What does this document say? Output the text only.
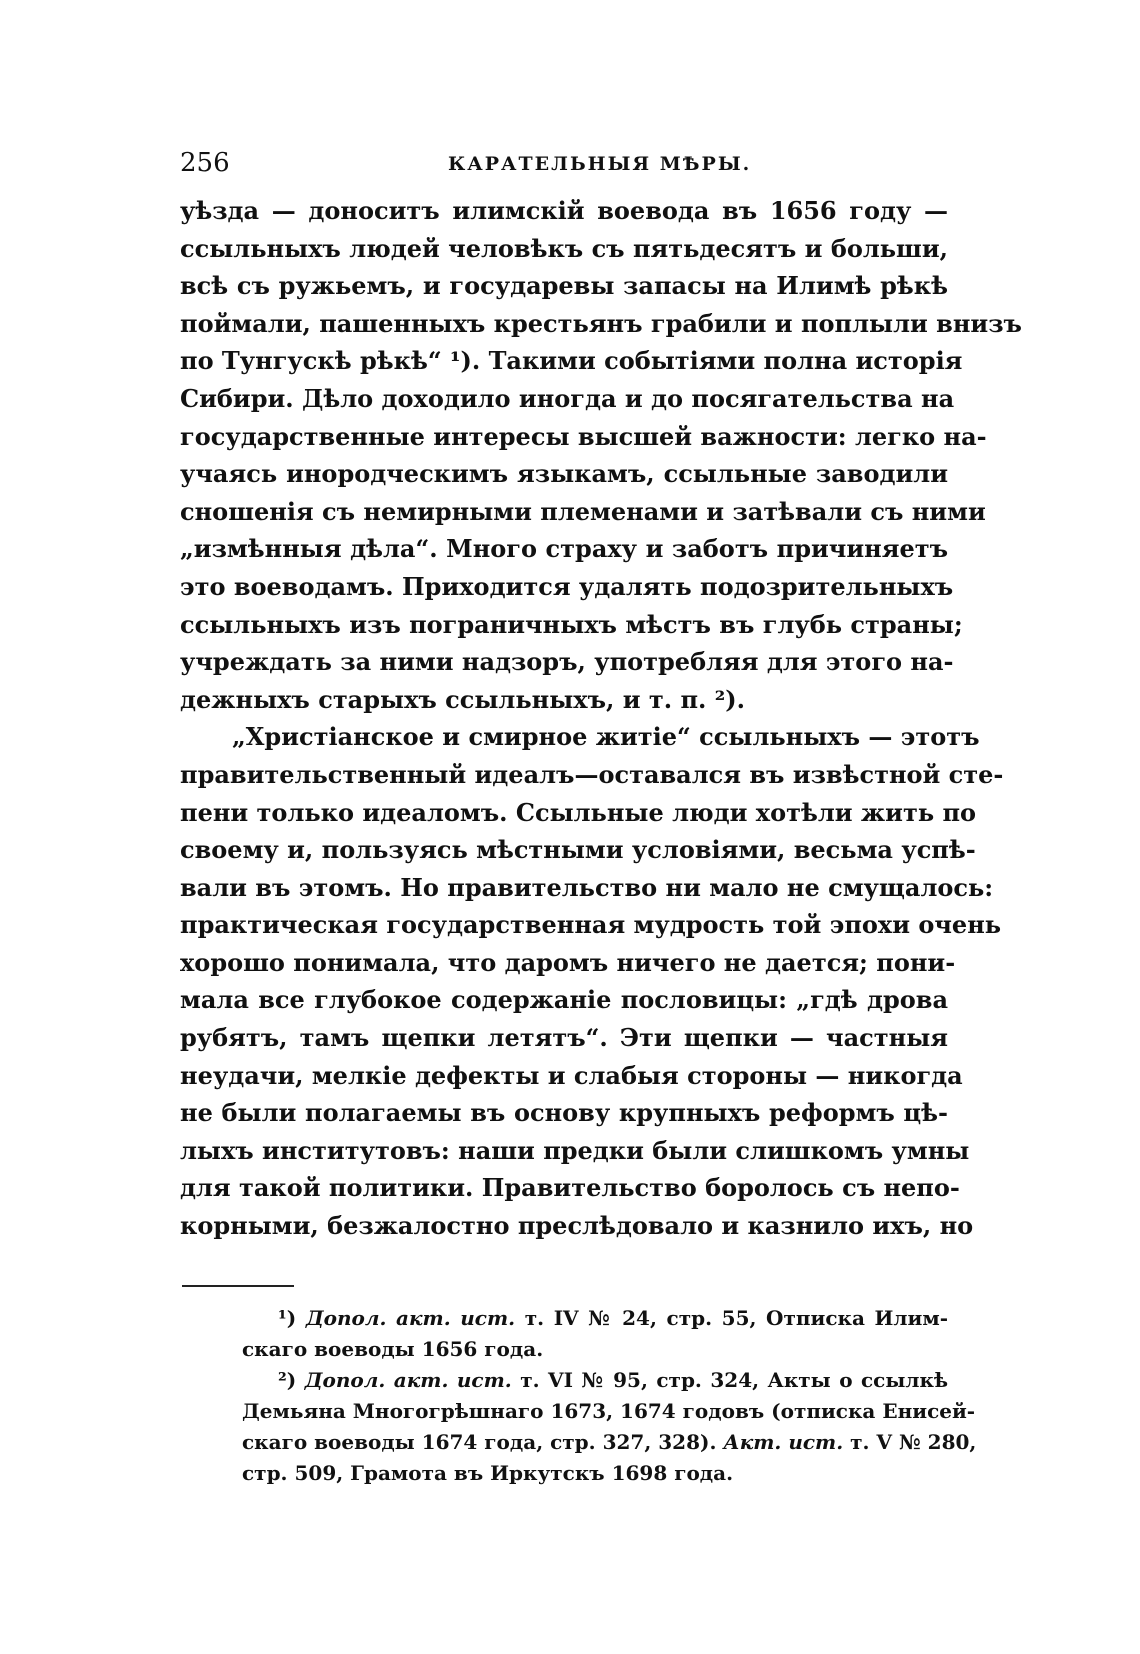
256	КАРАТЕЛЬНЫЯ МѢРЫ.
уѣзда — доноситъ илимскій воевода въ 1656 году —
ссыльныхъ людей человѣкъ съ пятьдесятъ и больши,
всѣ съ ружьемъ, и государевы запасы на Илимѣ рѣкѣ
поймали, пашенныхъ крестьянъ грабили и поплыли внизъ
по Тунгускѣ рѣкѣ“ ¹). Такими событіями полна исторія
Сибири. Дѣло доходило иногда и до посягательства на
государственные интересы высшей важности: легко на-
учаясь инородческимъ языкамъ, ссыльные заводили
сношенія съ немирными племенами и затѣвали съ ними
„измѣнныя дѣла“. Много страху и заботъ причиняетъ
это воеводамъ. Приходится удалять подозрительныхъ
ссыльныхъ изъ пограничныхъ мѣстъ въ глубь страны;
учреждать за ними надзоръ, употребляя для этого на-
дежныхъ старыхъ ссыльныхъ, и т. п. ²).
„Христіанское и смирное житіе“ ссыльныхъ — этотъ
правительственный идеалъ—оставался въ извѣстной сте-
пени только идеаломъ. Ссыльные люди хотѣли жить по
своему и, пользуясь мѣстными условіями, весьма успѣ-
вали въ этомъ. Но правительство ни мало не смущалось:
практическая государственная мудрость той эпохи очень
хорошо понимала, что даромъ ничего не дается; пони-
мала все глубокое содержаніе пословицы: „гдѣ дрова
рубятъ, тамъ щепки летятъ“. Эти щепки — частныя
неудачи, мелкіе дефекты и слабыя стороны — никогда
не были полагаемы въ основу крупныхъ реформъ цѣ-
лыхъ институтовъ: наши предки были слишкомъ умны
для такой политики. Правительство боролось съ непо-
корными, безжалостно преслѣдовало и казнило ихъ, но
¹) Допол. акт. ист. т. IV № 24, стр. 55, Отписка Илим-
скаго воеводы 1656 года.
²) Допол. акт. ист. т. VI № 95, стр. 324, Акты о ссылкѣ
Демьяна Многогрѣшнаго 1673, 1674 годовъ (отписка Енисей-
скаго воеводы 1674 года, стр. 327, 328). Акт. ист. т. V № 280,
стр. 509, Грамота въ Иркутскъ 1698 года.
